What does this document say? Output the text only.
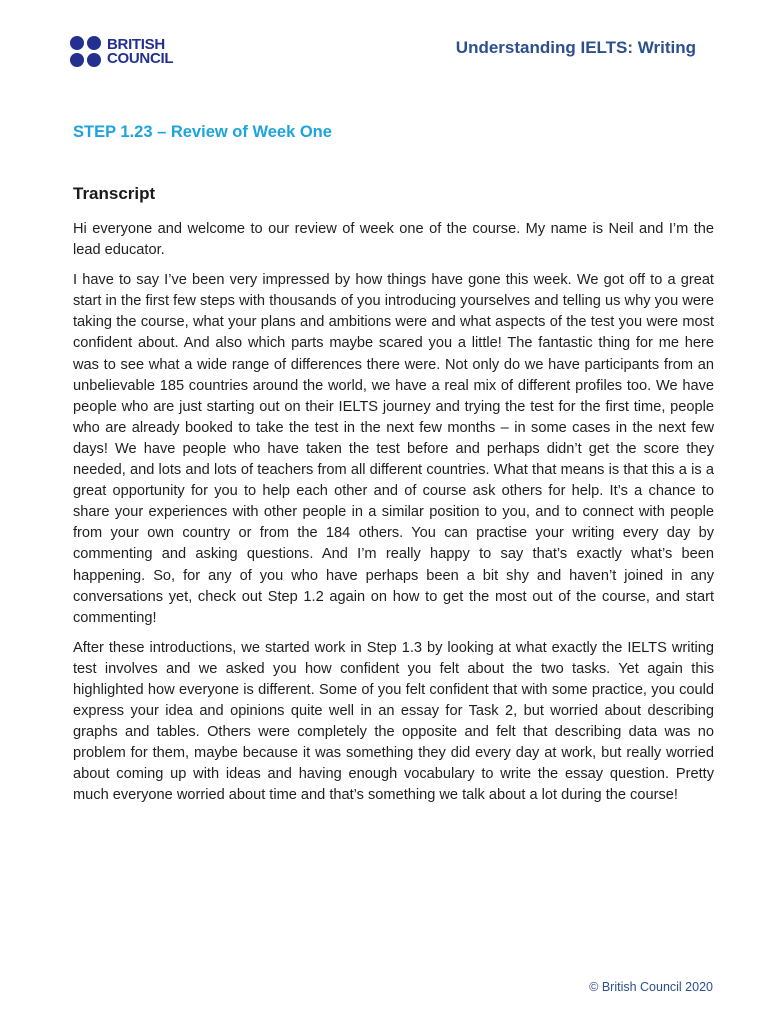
BRITISH
COUNCIL
Understanding IELTS: Writing
STEP 1.23 – Review of Week One
Transcript

Hi everyone and welcome to our review of week one of the course. My name is Neil and I’m the lead educator.

I have to say I’ve been very impressed by how things have gone this week. We got off to a great start in the first few steps with thousands of you introducing yourselves and telling us why you were taking the course, what your plans and ambitions were and what aspects of the test you were most confident about. And also which parts maybe scared you a little! The fantastic thing for me here was to see what a wide range of differences there were. Not only do we have participants from an unbelievable 185 countries around the world, we have a real mix of different profiles too. We have people who are just starting out on their IELTS journey and trying the test for the first time, people who are already booked to take the test in the next few months – in some cases in the next few days! We have people who have taken the test before and perhaps didn’t get the score they needed, and lots and lots of teachers from all different countries. What that means is that this a is a great opportunity for you to help each other and of course ask others for help. It’s a chance to share your experiences with other people in a similar position to you, and to connect with people from your own country or from the 184 others. You can practise your writing every day by commenting and asking questions. And I’m really happy to say that’s exactly what’s been happening. So, for any of you who have perhaps been a bit shy and haven’t joined in any conversations yet, check out Step 1.2 again on how to get the most out of the course, and start commenting!

After these introductions, we started work in Step 1.3 by looking at what exactly the IELTS writing test involves and we asked you how confident you felt about the two tasks. Yet again this highlighted how everyone is different. Some of you felt confident that with some practice, you could express your idea and opinions quite well in an essay for Task 2, but worried about describing graphs and tables. Others were completely the opposite and felt that describing data was no problem for them, maybe because it was something they did every day at work, but really worried about coming up with ideas and having enough vocabulary to write the essay question. Pretty much everyone worried about time and that’s something we talk about a lot during the course!

© British Council 2020
